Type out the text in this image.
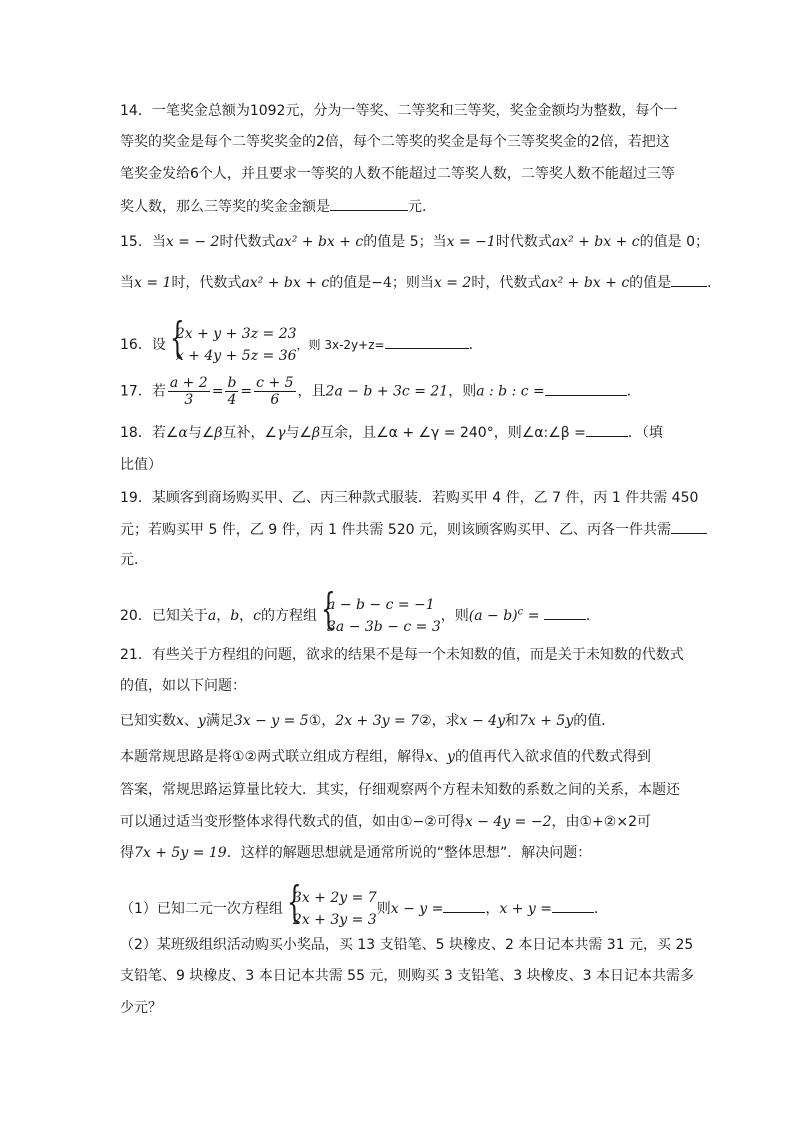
14．一笔奖金总额为1092元，分为一等奖、二等奖和三等奖，奖金金额均为整数，每个一
等奖的奖金是每个二等奖奖金的2倍，每个二等奖的奖金是每个三等奖奖金的2倍，若把这
笔奖金发给6个人，并且要求一等奖的人数不能超过二等奖人数，二等奖人数不能超过三等
奖人数，那么三等奖的奖金金额是	元．
15．当x = − 2时代数式ax² + bx + c的值是 5；当x = −1时代数式ax² + bx + c的值是 0；
当x = 1时，代数式ax² + bx + c的值是−4；则当x = 2时，代数式ax² + bx + c的值是	．
16．设 {
2x + y + 3z = 23
x + 4y + 5z = 36
，则 3x-2y+z=	．
17．若 $\frac{a + 2}{3} = \frac{b}{4} = \frac{c + 5}{6}$ ，且2a − b + 3c = 21，则a : b : c =	．
18．若∠α与∠β互补，∠γ与∠β互余，且∠α + ∠γ = 240°，则∠α:∠β =	．（填
比值）
19．某顾客到商场购买甲、乙、丙三种款式服装．若购买甲 4 件，乙 7 件，丙 1 件共需 450
元；若购买甲 5 件，乙 9 件，丙 1 件共需 520 元，则该顾客购买甲、乙、丙各一件共需
元．
20．已知关于a，b，c的方程组 {
a − b − c = −1
3a − 3b − c = 3
，则$(a - b)^c$ =	．
21．有些关于方程组的问题，欲求的结果不是每一个未知数的值，而是关于未知数的代数式
的值，如以下问题：
已知实数x、y满足3x − y = 5①，2x + 3y = 7②，求x − 4y和7x + 5y的值．
本题常规思路是将①②两式联立组成方程组，解得x、y的值再代入欲求值的代数式得到
答案，常规思路运算量比较大．其实，仔细观察两个方程未知数的系数之间的关系，本题还
可以通过适当变形整体求得代数式的值，如由①−②可得x − 4y = −2，由①+②×2可
得7x + 5y = 19．这样的解题思想就是通常所说的“整体思想”．解决问题：
（1）已知二元一次方程组 {
3x + 2y = 7
2x + 3y = 3
则x − y =	，x + y =	．
（2）某班级组织活动购买小奖品，买 13 支铅笔、5 块橡皮、2 本日记本共需 31 元，买 25
支铅笔、9 块橡皮、3 本日记本共需 55 元，则购买 3 支铅笔、3 块橡皮、3 本日记本共需多
少元？
